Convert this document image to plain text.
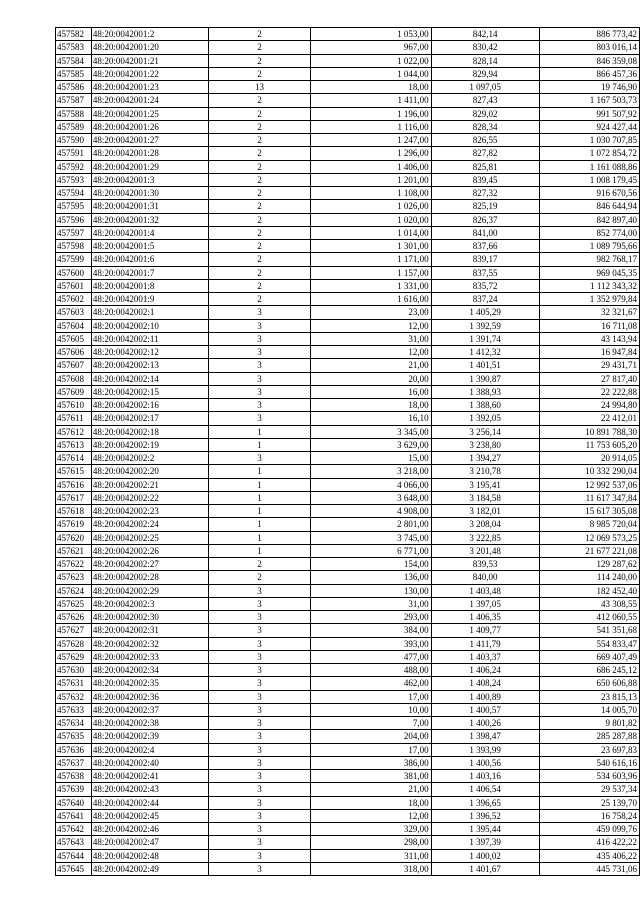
457582	48:20:0042001:2	2	1 053,00	842,14	886 773,42
457583	48:20:0042001:20	2	967,00	830,42	803 016,14
457584	48:20:0042001:21	2	1 022,00	828,14	846 359,08
457585	48:20:0042001:22	2	1 044,00	829,94	866 457,36
457586	48:20:0042001:23	13	18,00	1 097,05	19 746,90
457587	48:20:0042001:24	2	1 411,00	827,43	1 167 503,73
457588	48:20:0042001:25	2	1 196,00	829,02	991 507,92
457589	48:20:0042001:26	2	1 116,00	828,34	924 427,44
457590	48:20:0042001:27	2	1 247,00	826,55	1 030 707,85
457591	48:20:0042001:28	2	1 296,00	827,82	1 072 854,72
457592	48:20:0042001:29	2	1 406,00	825,81	1 161 088,86
457593	48:20:0042001:3	2	1 201,00	839,45	1 008 179,45
457594	48:20:0042001:30	2	1 108,00	827,32	916 670,56
457595	48:20:0042001:31	2	1 026,00	825,19	846 644,94
457596	48:20:0042001:32	2	1 020,00	826,37	842 897,40
457597	48:20:0042001:4	2	1 014,00	841,00	852 774,00
457598	48:20:0042001:5	2	1 301,00	837,66	1 089 795,66
457599	48:20:0042001:6	2	1 171,00	839,17	982 768,17
457600	48:20:0042001:7	2	1 157,00	837,55	969 045,35
457601	48:20:0042001:8	2	1 331,00	835,72	1 112 343,32
457602	48:20:0042001:9	2	1 616,00	837,24	1 352 979,84
457603	48:20:0042002:1	3	23,00	1 405,29	32 321,67
457604	48:20:0042002:10	3	12,00	1 392,59	16 711,08
457605	48:20:0042002:11	3	31,00	1 391,74	43 143,94
457606	48:20:0042002:12	3	12,00	1 412,32	16 947,84
457607	48:20:0042002:13	3	21,00	1 401,51	29 431,71
457608	48:20:0042002:14	3	20,00	1 390,87	27 817,40
457609	48:20:0042002:15	3	16,00	1 388,93	22 222,88
457610	48:20:0042002:16	3	18,00	1 388,60	24 994,80
457611	48:20:0042002:17	3	16,10	1 392,05	22 412,01
457612	48:20:0042002:18	1	3 345,00	3 256,14	10 891 788,30
457613	48:20:0042002:19	1	3 629,00	3 238,80	11 753 605,20
457614	48:20:0042002:2	3	15,00	1 394,27	20 914,05
457615	48:20:0042002:20	1	3 218,00	3 210,78	10 332 290,04
457616	48:20:0042002:21	1	4 066,00	3 195,41	12 992 537,06
457617	48:20:0042002:22	1	3 648,00	3 184,58	11 617 347,84
457618	48:20:0042002:23	1	4 908,00	3 182,01	15 617 305,08
457619	48:20:0042002:24	1	2 801,00	3 208,04	8 985 720,04
457620	48:20:0042002:25	1	3 745,00	3 222,85	12 069 573,25
457621	48:20:0042002:26	1	6 771,00	3 201,48	21 677 221,08
457622	48:20:0042002:27	2	154,00	839,53	129 287,62
457623	48:20:0042002:28	2	136,00	840,00	114 240,00
457624	48:20:0042002:29	3	130,00	1 403,48	182 452,40
457625	48:20:0042002:3	3	31,00	1 397,05	43 308,55
457626	48:20:0042002:30	3	293,00	1 406,35	412 060,55
457627	48:20:0042002:31	3	384,00	1 409,77	541 351,68
457628	48:20:0042002:32	3	393,00	1 411,79	554 833,47
457629	48:20:0042002:33	3	477,00	1 403,37	669 407,49
457630	48:20:0042002:34	3	488,00	1 406,24	686 245,12
457631	48:20:0042002:35	3	462,00	1 408,24	650 606,88
457632	48:20:0042002:36	3	17,00	1 400,89	23 815,13
457633	48:20:0042002:37	3	10,00	1 400,57	14 005,70
457634	48:20:0042002:38	3	7,00	1 400,26	9 801,82
457635	48:20:0042002:39	3	204,00	1 398,47	285 287,88
457636	48:20:0042002:4	3	17,00	1 393,99	23 697,83
457637	48:20:0042002:40	3	386,00	1 400,56	540 616,16
457638	48:20:0042002:41	3	381,00	1 403,16	534 603,96
457639	48:20:0042002:43	3	21,00	1 406,54	29 537,34
457640	48:20:0042002:44	3	18,00	1 396,65	25 139,70
457641	48:20:0042002:45	3	12,00	1 396,52	16 758,24
457642	48:20:0042002:46	3	329,00	1 395,44	459 099,76
457643	48:20:0042002:47	3	298,00	1 397,39	416 422,22
457644	48:20:0042002:48	3	311,00	1 400,02	435 406,22
457645	48:20:0042002:49	3	318,00	1 401,67	445 731,06
